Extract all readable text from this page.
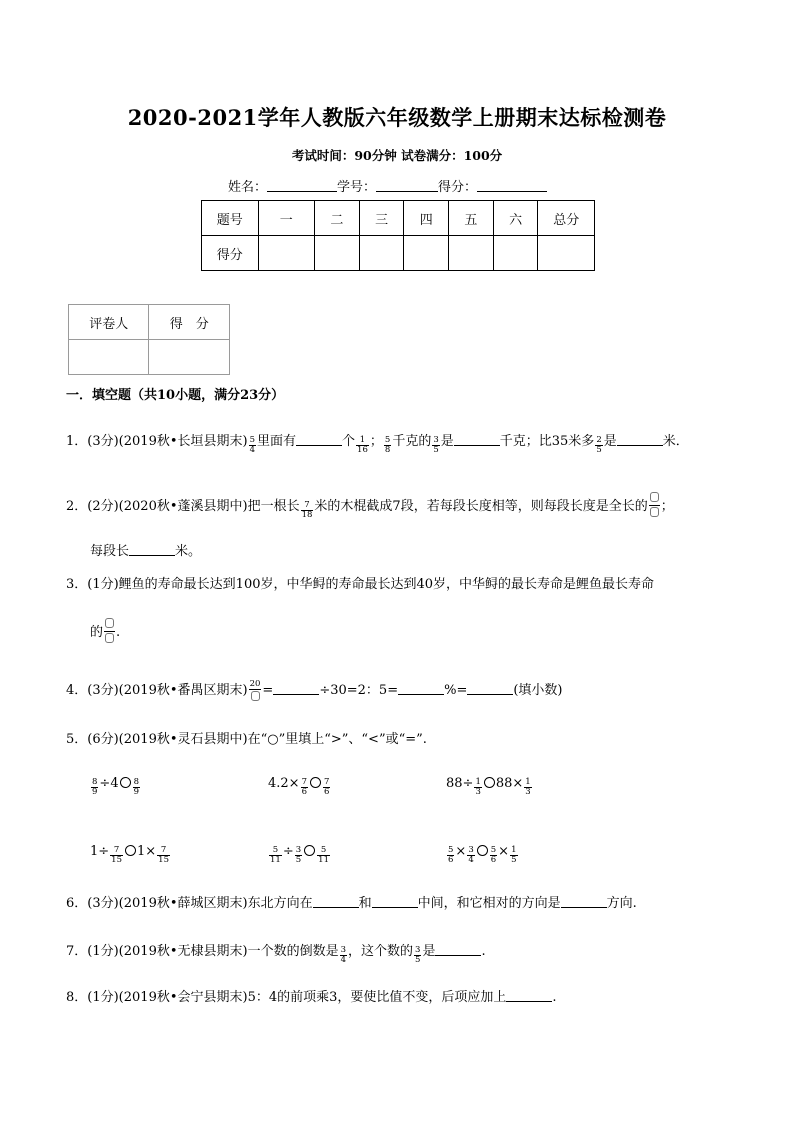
2020-2021学年人教版六年级数学上册期末达标检测卷
考试时间：90分钟 试卷满分：100分
姓名：	学号：	得分：
题号	一	二	三	四	五	六	总分
得分							
评卷人	得　分

一．填空题（共10小题，满分23分）
1．(3分)(2019秋•长垣县期末) $\frac{5}{4}$ 里面有	个 $\frac{1}{16}$ ； $\frac{5}{8}$ 千克的 $\frac{3}{5}$ 是	千克；比35米多 $\frac{2}{5}$ 是	米．
2．(2分)(2020秋•蓬溪县期中)把一根长 $\frac{7}{18}$ 米的木棍截成7段，若每段长度相等，则每段长度是全长的 ；
每段长	米。
3．(1分)鲤鱼的寿命最长达到100岁，中华鲟的寿命最长达到40岁，中华鲟的最长寿命是鲤鱼最长寿命
的 .
4．(3分)(2019秋•番禺区期末) 20 =	÷30=2：5=	%=	(填小数)
5．(6分)(2019秋•灵石县期中)在“○”里填上“>”、“<”或“=”.
$\frac{8}{9} \div 4 \frac{8}{9}$	$4.2\times \frac{7}{6} \frac{7}{6}$	$88\div \frac{1}{3} 88\times \frac{1}{3}$
$1\div \frac{7}{15} 1\times \frac{7}{15}$	$\frac{5}{11} \div \frac{3}{5} \frac{5}{11}$	$\frac{5}{6} \times \frac{3}{4} \frac{5}{6} \times \frac{1}{5}$
6．(3分)(2019秋•薛城区期末)东北方向在	和	中间，和它相对的方向是	方向.
7．(1分)(2019秋•无棣县期末)一个数的倒数是 $\frac{3}{4}$ ，这个数的 $\frac{3}{5}$ 是	.
8．(1分)(2019秋•会宁县期末)5：4的前项乘3，要使比值不变，后项应加上	.
